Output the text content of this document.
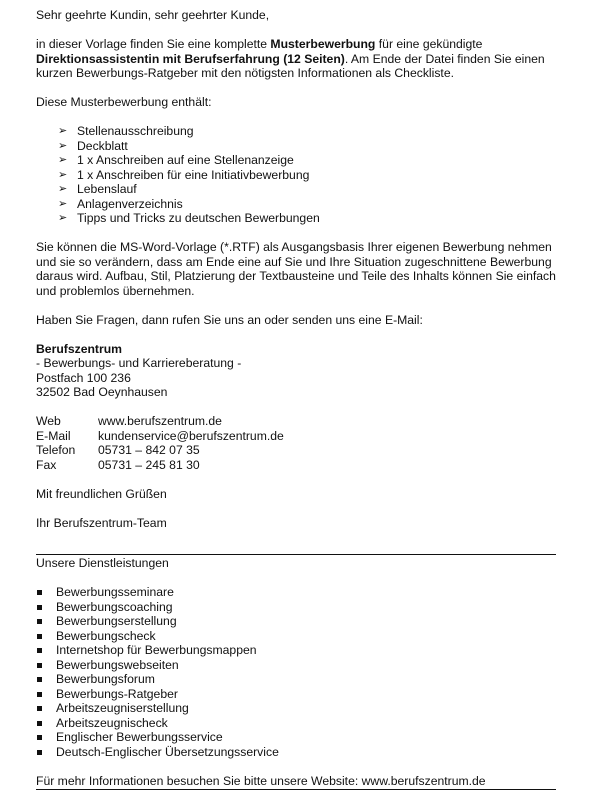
Sehr geehrte Kundin, sehr geehrter Kunde,

in dieser Vorlage finden Sie eine komplette Musterbewerbung für eine gekündigte Direktionsassistentin mit Berufserfahrung (12 Seiten). Am Ende der Datei finden Sie einen kurzen Bewerbungs-Ratgeber mit den nötigsten Informationen als Checkliste.

Diese Musterbewerbung enthält:

➢ Stellenausschreibung
➢ Deckblatt
➢ 1 x Anschreiben auf eine Stellenanzeige
➢ 1 x Anschreiben für eine Initiativbewerbung
➢ Lebenslauf
➢ Anlagenverzeichnis
➢ Tipps und Tricks zu deutschen Bewerbungen

Sie können die MS-Word-Vorlage (*.RTF) als Ausgangsbasis Ihrer eigenen Bewerbung nehmen und sie so verändern, dass am Ende eine auf Sie und Ihre Situation zugeschnittene Bewerbung daraus wird. Aufbau, Stil, Platzierung der Textbausteine und Teile des Inhalts können Sie einfach und problemlos übernehmen.

Haben Sie Fragen, dann rufen Sie uns an oder senden uns eine E-Mail:

Berufszentrum

- Bewerbungs- und Karriereberatung -

Postfach 100 236

32502 Bad Oeynhausen

Web	www.berufszentrum.de
E-Mail	kundenservice@berufszentrum.de
Telefon	05731 – 842 07 35
Fax	05731 – 245 81 30

Mit freundlichen Grüßen

Ihr Berufszentrum-Team

Unsere Dienstleistungen

Bewerbungsseminare
Bewerbungscoaching
Bewerbungserstellung
Bewerbungscheck
Internetshop für Bewerbungsmappen
Bewerbungswebseiten
Bewerbungsforum
Bewerbungs-Ratgeber
Arbeitszeugniserstellung
Arbeitszeugnischeck
Englischer Bewerbungsservice
Deutsch-Englischer Übersetzungsservice

Für mehr Informationen besuchen Sie bitte unsere Website: www.berufszentrum.de
